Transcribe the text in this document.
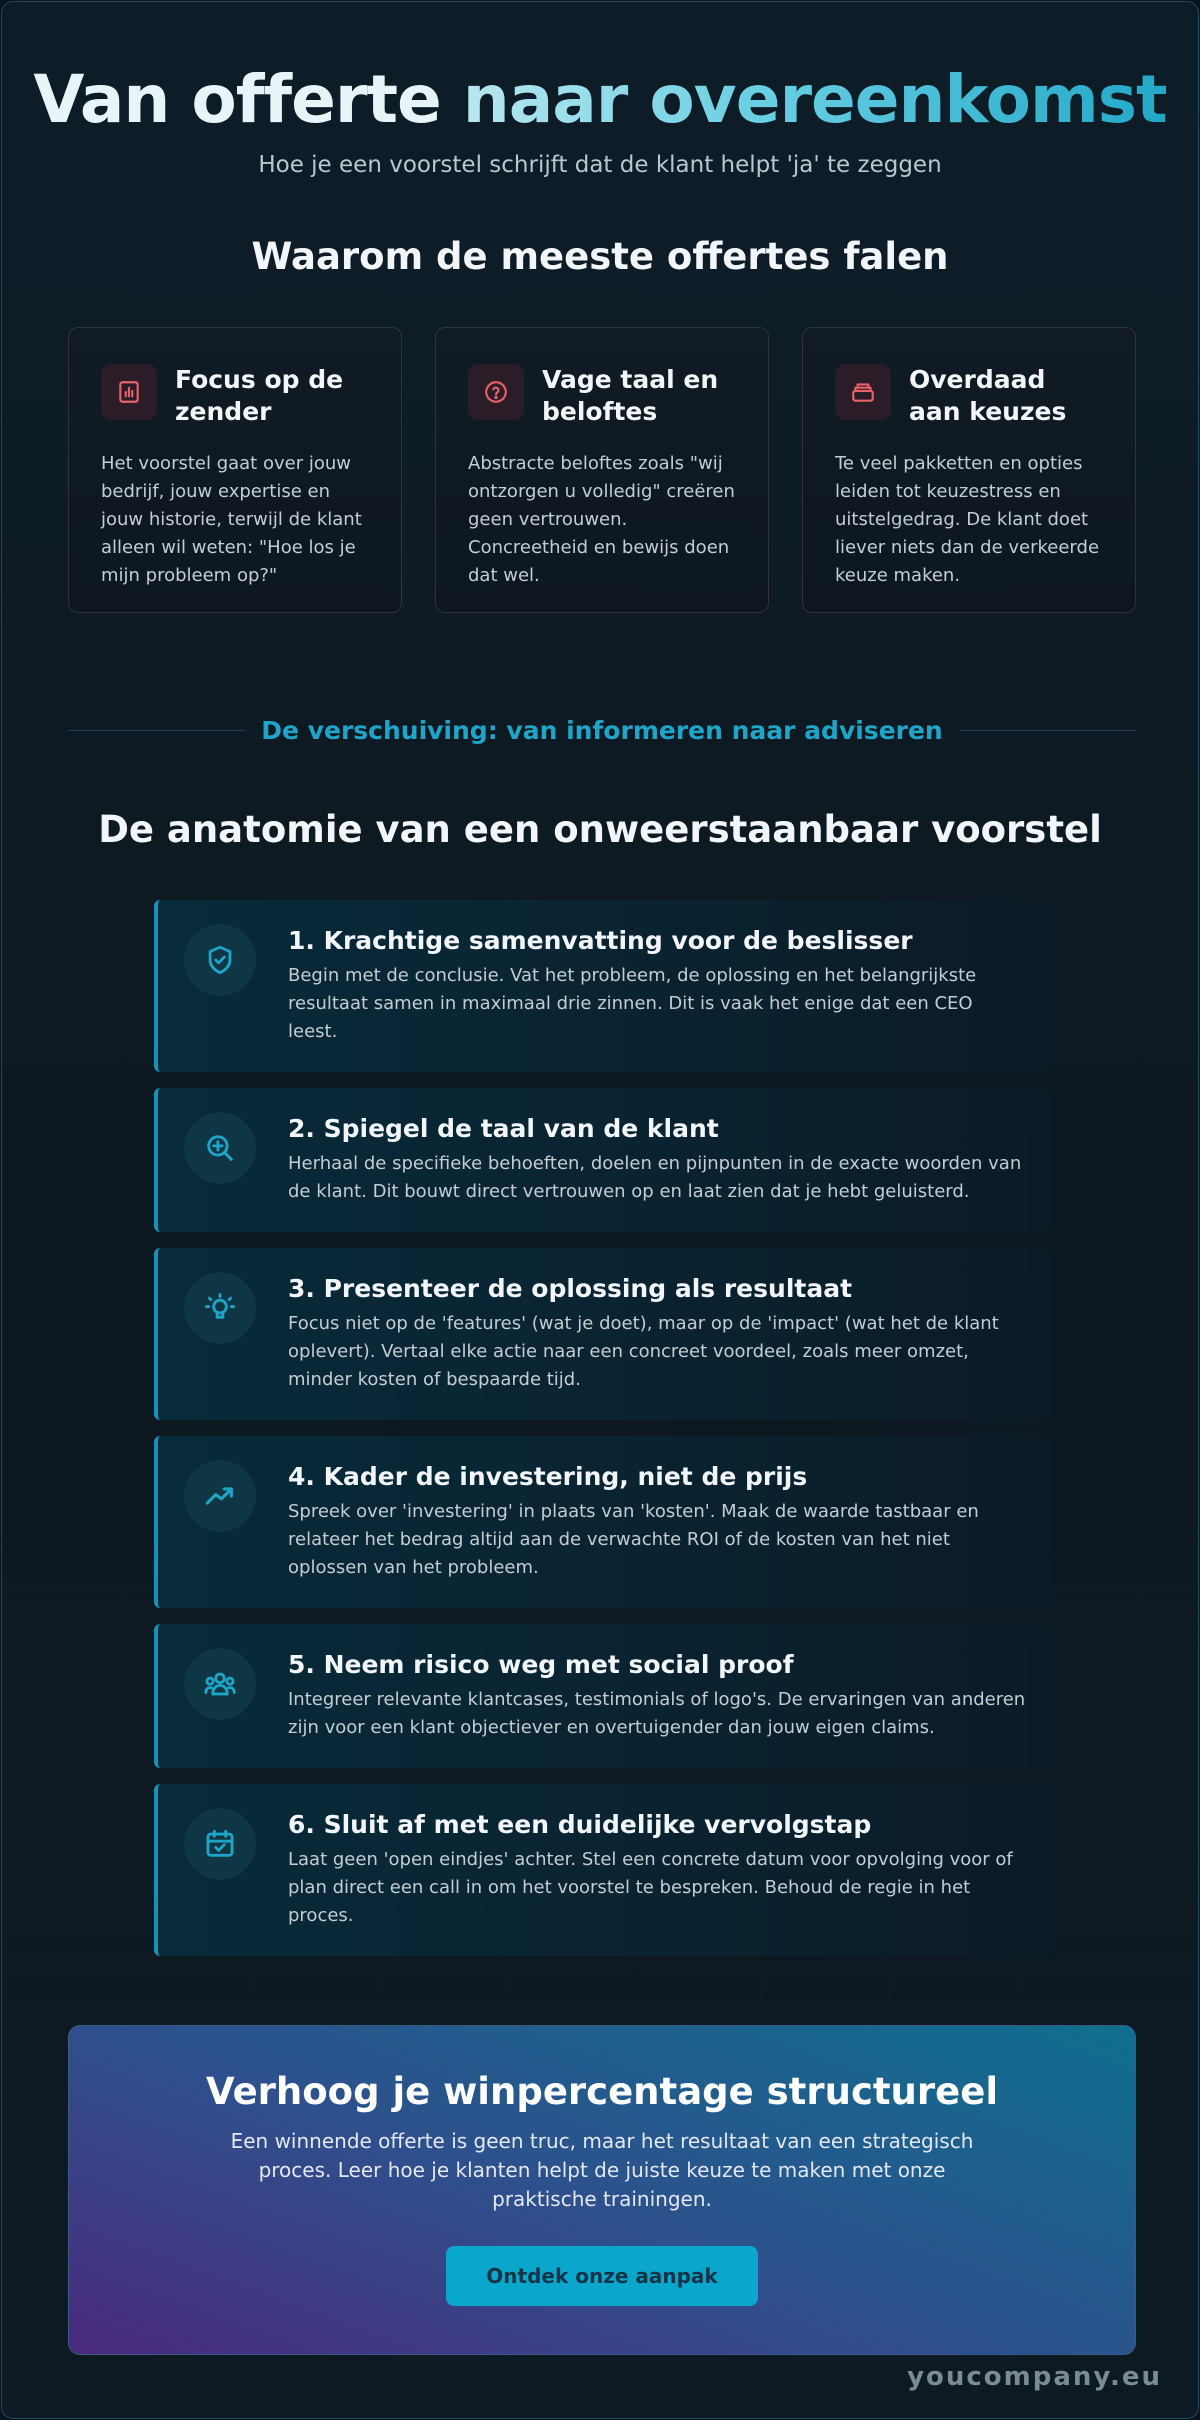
Van offerte naar overeenkomst

Hoe je een voorstel schrijft dat de klant helpt 'ja' te zeggen

Waarom de meeste offertes falen
Focus op de zender
Het voorstel gaat over jouw bedrijf, jouw expertise en jouw historie, terwijl de klant alleen wil weten: "Hoe los je mijn probleem op?"
Vage taal en beloftes
Abstracte beloftes zoals "wij ontzorgen u volledig" creëren geen vertrouwen. Concreetheid en bewijs doen dat wel.
Overdaad aan keuzes
Te veel pakketten en opties leiden tot keuzestress en uitstelgedrag. De klant doet liever niets dan de verkeerde keuze maken.
De verschuiving: van informeren naar adviseren
De anatomie van een onweerstaanbaar voorstel
1. Krachtige samenvatting voor de beslisser
Begin met de conclusie. Vat het probleem, de oplossing en het belangrijkste resultaat samen in maximaal drie zinnen. Dit is vaak het enige dat een CEO leest.
2. Spiegel de taal van de klant
Herhaal de specifieke behoeften, doelen en pijnpunten in de exacte woorden van de klant. Dit bouwt direct vertrouwen op en laat zien dat je hebt geluisterd.
3. Presenteer de oplossing als resultaat
Focus niet op de 'features' (wat je doet), maar op de 'impact' (wat het de klant oplevert). Vertaal elke actie naar een concreet voordeel, zoals meer omzet, minder kosten of bespaarde tijd.
4. Kader de investering, niet de prijs
Spreek over 'investering' in plaats van 'kosten'. Maak de waarde tastbaar en relateer het bedrag altijd aan de verwachte ROI of de kosten van het niet oplossen van het probleem.
5. Neem risico weg met social proof
Integreer relevante klantcases, testimonials of logo's. De ervaringen van anderen zijn voor een klant objectiever en overtuigender dan jouw eigen claims.
6. Sluit af met een duidelijke vervolgstap
Laat geen 'open eindjes' achter. Stel een concrete datum voor opvolging voor of plan direct een call in om het voorstel te bespreken. Behoud de regie in het proces.
Verhoog je winpercentage structureel

Een winnende offerte is geen truc, maar het resultaat van een strategisch proces. Leer hoe je klanten helpt de juiste keuze te maken met onze praktische trainingen.

Ontdek onze aanpak
youcompany.eu
